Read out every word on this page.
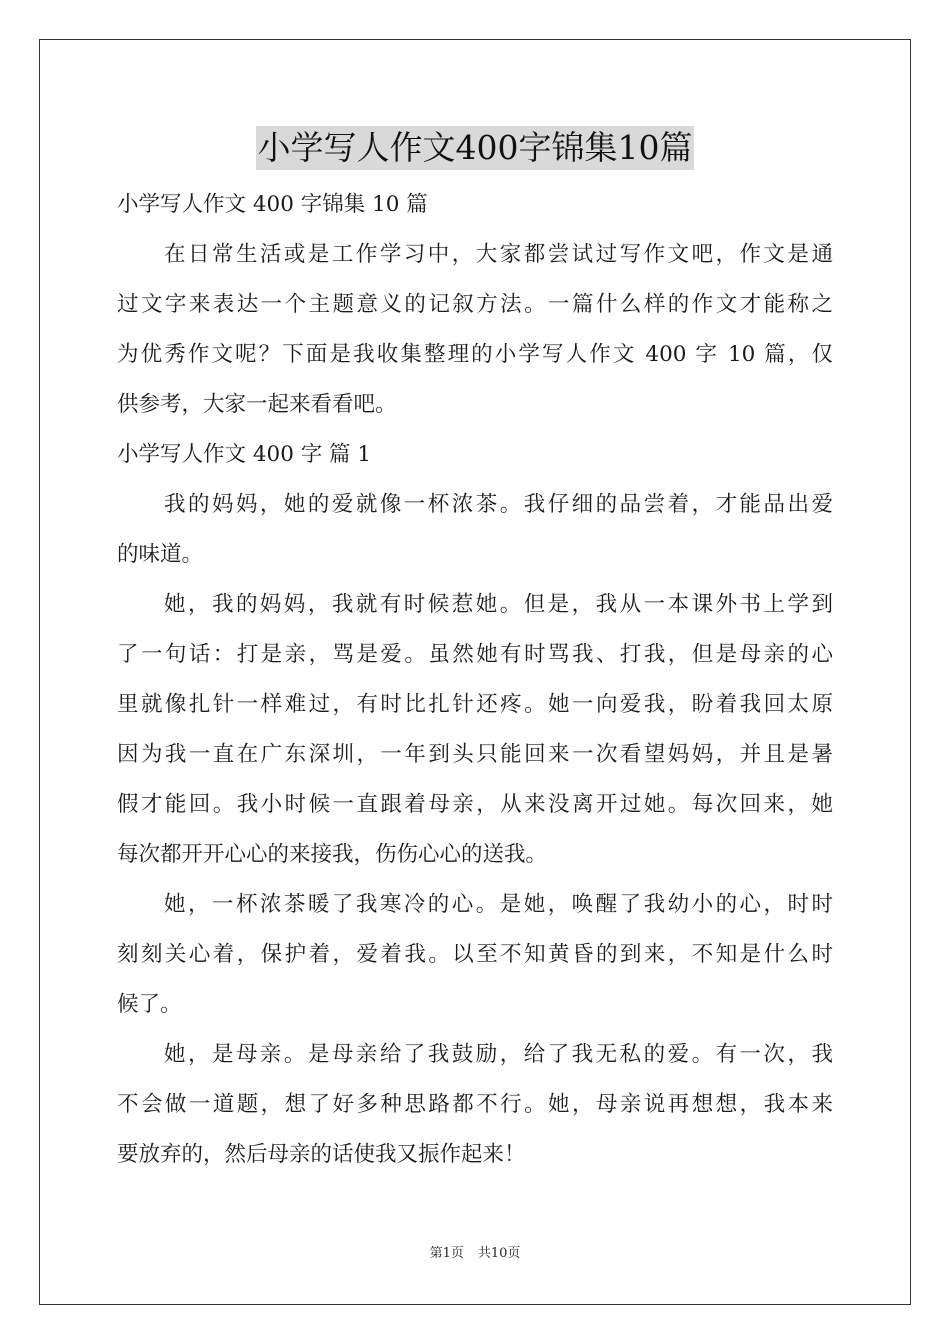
小学写人作文400字锦集10篇
小学写人作文 400 字锦集 10 篇
在日常生活或是工作学习中，大家都尝试过写作文吧，作文是通
过文字来表达一个主题意义的记叙方法。一篇什么样的作文才能称之
为优秀作文呢？下面是我收集整理的小学写人作文 400 字 10 篇，仅
供参考，大家一起来看看吧。
小学写人作文 400 字 篇 1
我的妈妈，她的爱就像一杯浓茶。我仔细的品尝着，才能品出爱
的味道。
她，我的妈妈，我就有时候惹她。但是，我从一本课外书上学到
了一句话：打是亲，骂是爱。虽然她有时骂我、打我，但是母亲的心
里就像扎针一样难过，有时比扎针还疼。她一向爱我，盼着我回太原
因为我一直在广东深圳，一年到头只能回来一次看望妈妈，并且是暑
假才能回。我小时候一直跟着母亲，从来没离开过她。每次回来，她
每次都开开心心的来接我，伤伤心心的送我。
她，一杯浓茶暖了我寒冷的心。是她，唤醒了我幼小的心，时时
刻刻关心着，保护着，爱着我。以至不知黄昏的到来，不知是什么时
候了。
她，是母亲。是母亲给了我鼓励，给了我无私的爱。有一次，我
不会做一道题，想了好多种思路都不行。她，母亲说再想想，我本来
要放弃的，然后母亲的话使我又振作起来！
第1页 共10页
